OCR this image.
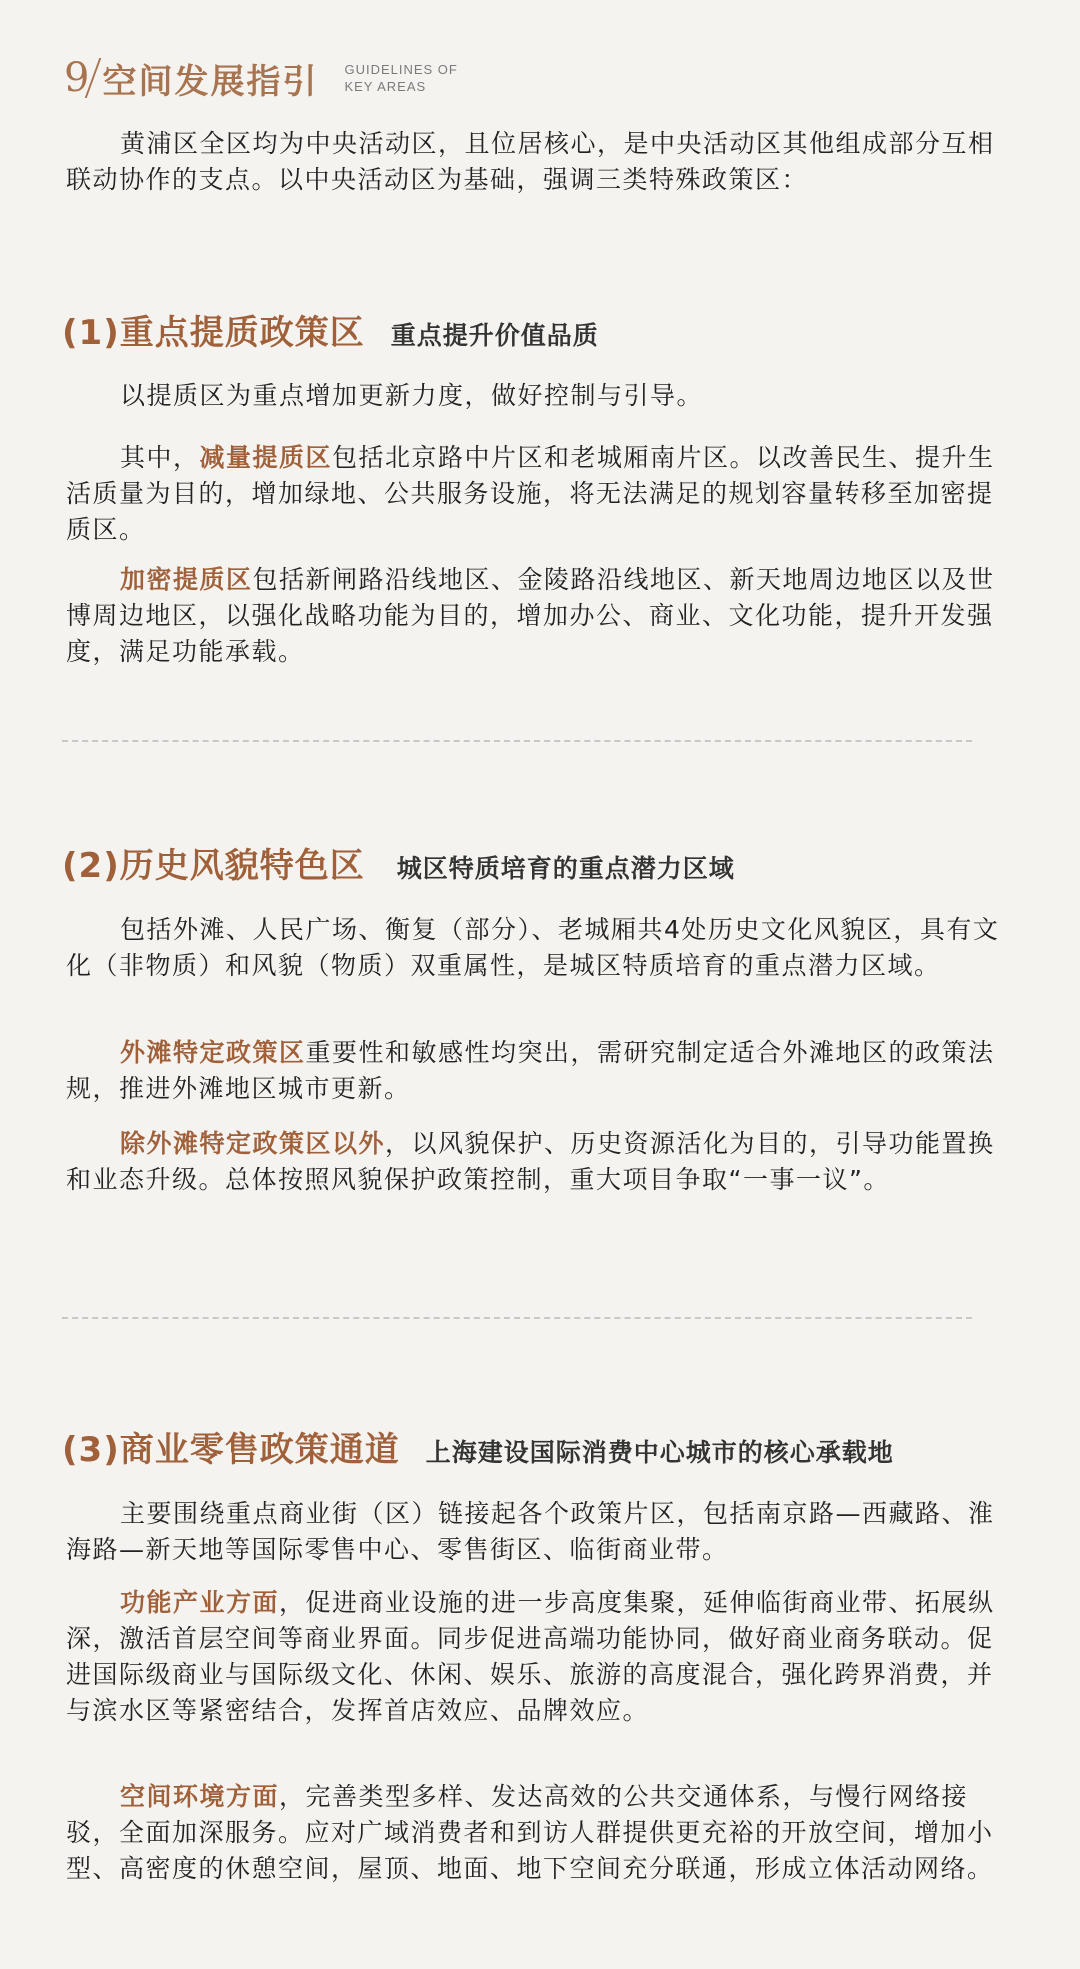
9 空间发展指引 GUIDELINES OF
KEY AREAS
黄浦区全区均为中央活动区，且位居核心，是中央活动区其他组成部分互相联动协作的支点。以中央活动区为基础，强调三类特殊政策区：
(1)重点提质政策区 重点提升价值品质
以提质区为重点增加更新力度，做好控制与引导。
其中，减量提质区包括北京路中片区和老城厢南片区。以改善民生、提升生活质量为目的，增加绿地、公共服务设施，将无法满足的规划容量转移至加密提质区。
加密提质区包括新闸路沿线地区、金陵路沿线地区、新天地周边地区以及世博周边地区，以强化战略功能为目的，增加办公、商业、文化功能，提升开发强度，满足功能承载。
(2)历史风貌特色区 城区特质培育的重点潜力区域
包括外滩、人民广场、衡复（部分）、老城厢共4处历史文化风貌区，具有文化（非物质）和风貌（物质）双重属性，是城区特质培育的重点潜力区域。
外滩特定政策区重要性和敏感性均突出，需研究制定适合外滩地区的政策法规，推进外滩地区城市更新。
除外滩特定政策区以外，以风貌保护、历史资源活化为目的，引导功能置换和业态升级。总体按照风貌保护政策控制，重大项目争取“一事一议”。
(3)商业零售政策通道 上海建设国际消费中心城市的核心承载地
主要围绕重点商业街（区）链接起各个政策片区，包括南京路—西藏路、淮海路—新天地等国际零售中心、零售街区、临街商业带。
功能产业方面，促进商业设施的进一步高度集聚，延伸临街商业带、拓展纵深，激活首层空间等商业界面。同步促进高端功能协同，做好商业商务联动。促进国际级商业与国际级文化、休闲、娱乐、旅游的高度混合，强化跨界消费，并与滨水区等紧密结合，发挥首店效应、品牌效应。
空间环境方面，完善类型多样、发达高效的公共交通体系，与慢行网络接驳，全面加深服务。应对广域消费者和到访人群提供更充裕的开放空间，增加小型、高密度的休憩空间，屋顶、地面、地下空间充分联通，形成立体活动网络。
